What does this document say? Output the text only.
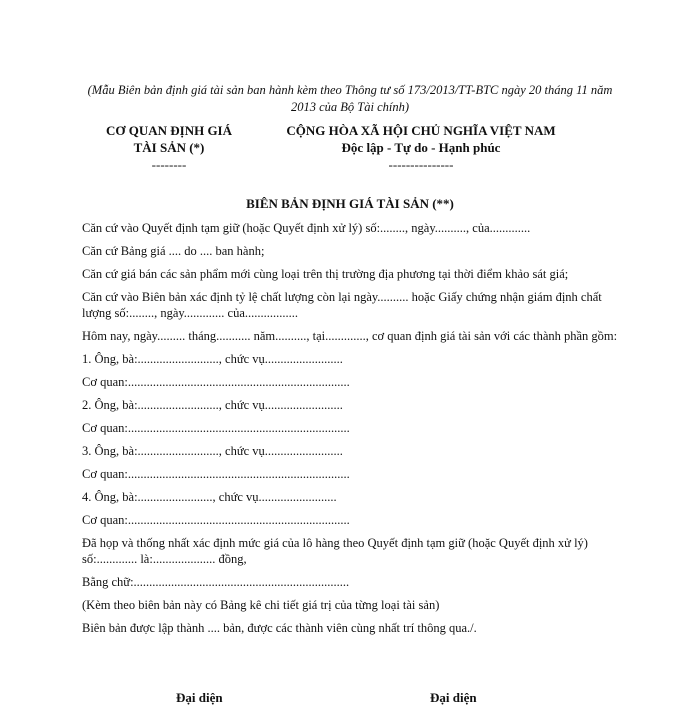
(Mẫu Biên bản định giá tài sản ban hành kèm theo Thông tư số 173/2013/TT-BTC ngày 20 tháng 11 năm 2013 của Bộ Tài chính)
CƠ QUAN ĐỊNH GIÁ
TÀI SẢN (*)
--------
CỘNG HÒA XÃ HỘI CHỦ NGHĨA VIỆT NAM
Độc lập - Tự do - Hạnh phúc
---------------
BIÊN BẢN ĐỊNH GIÁ TÀI SẢN (**)

Căn cứ vào Quyết định tạm giữ (hoặc Quyết định xử lý) số:........, ngày.........., của.............

Căn cứ Bảng giá .... do .... ban hành;

Căn cứ giá bán các sản phẩm mới cùng loại trên thị trường địa phương tại thời điểm khảo sát giá;

Căn cứ vào Biên bản xác định tỷ lệ chất lượng còn lại ngày.......... hoặc Giấy chứng nhận giám định chất lượng số:........, ngày............. của.................

Hôm nay, ngày......... tháng........... năm.........., tại............., cơ quan định giá tài sản với các thành phần gồm:

1. Ông, bà:.........................., chức vụ.........................

Cơ quan:.......................................................................

2. Ông, bà:.........................., chức vụ.........................

Cơ quan:.......................................................................

3. Ông, bà:.........................., chức vụ.........................

Cơ quan:.......................................................................

4. Ông, bà:........................, chức vụ.........................

Cơ quan:.......................................................................

Đã họp và thống nhất xác định mức giá của lô hàng theo Quyết định tạm giữ (hoặc Quyết định xử lý) số:............. là:.................... đồng,

Bằng chữ:.....................................................................

(Kèm theo biên bản này có Bảng kê chi tiết giá trị của từng loại tài sản)

Biên bản được lập thành .... bản, được các thành viên cùng nhất trí thông qua./.

Đại diện	Đại diện
